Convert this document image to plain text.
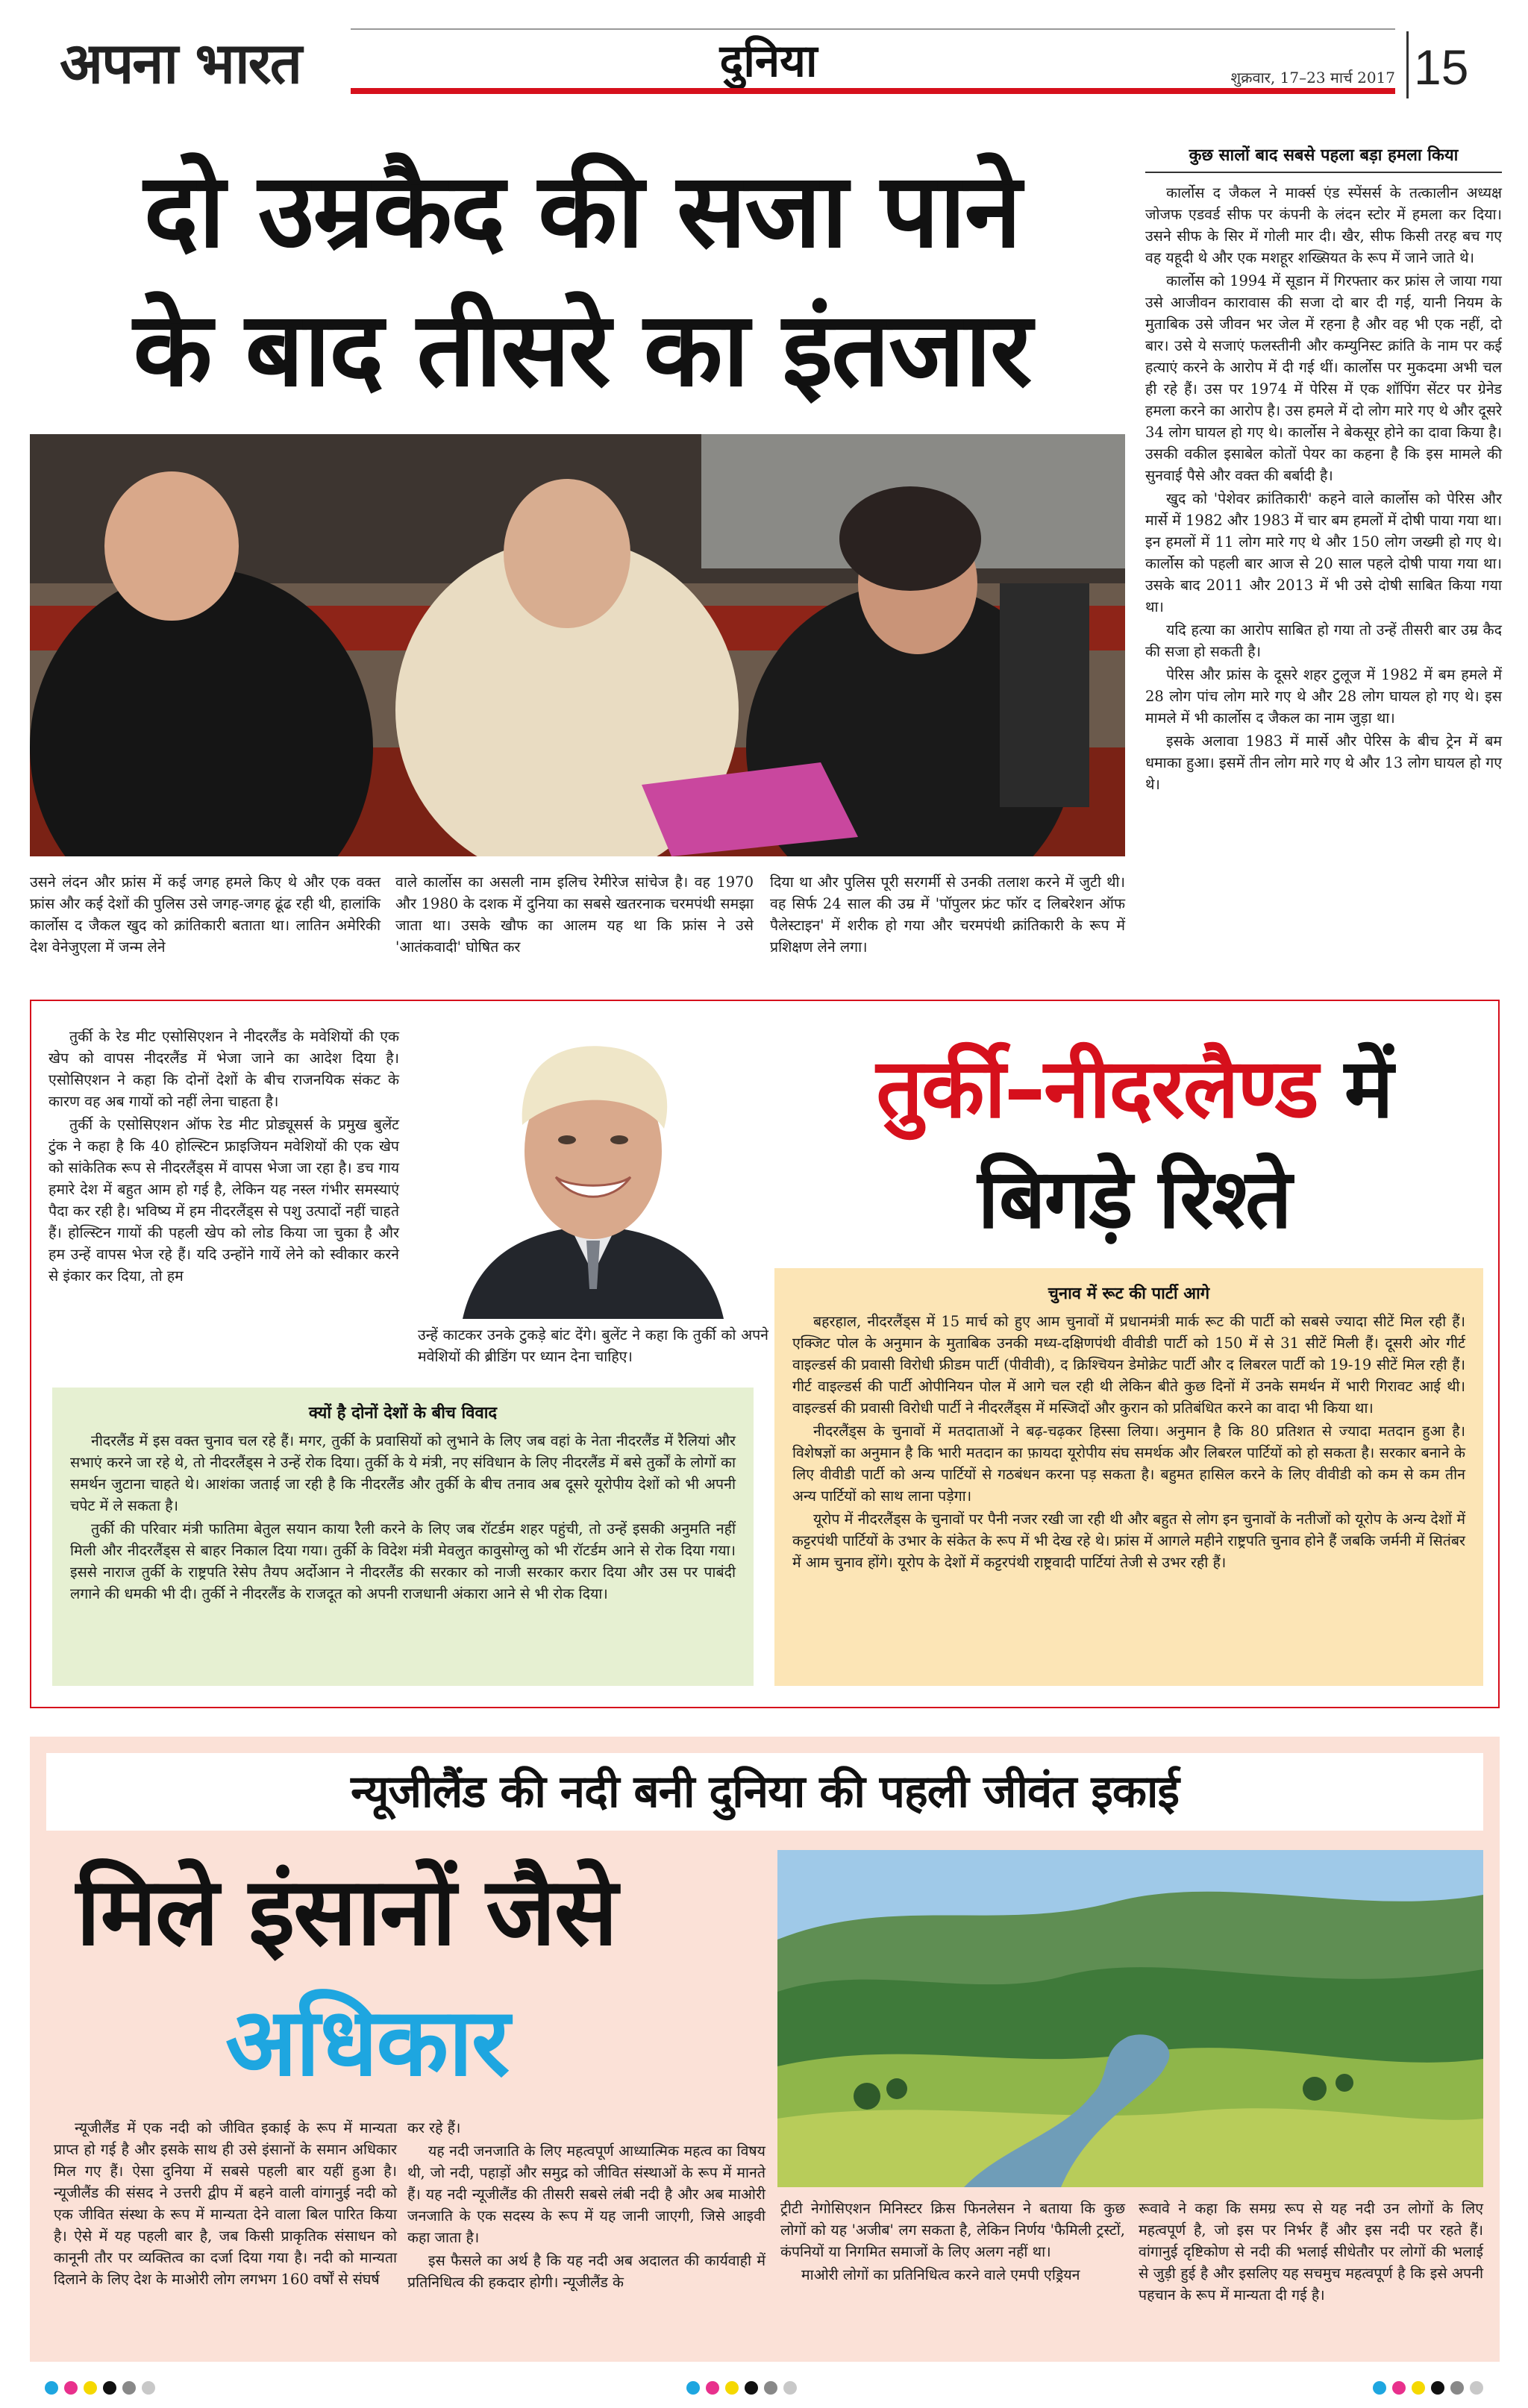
अपना भारत	दुनिया	शुक्रवार, 17–23 मार्च 2017 15
दो उम्रकैद की सजा पाने
के बाद तीसरे का इंतजार
कुछ सालों बाद सबसे पहला बड़ा हमला किया

कार्लोस द जैकल ने मार्क्स एंड स्पेंसर्स के तत्कालीन अध्यक्ष जोजफ एडवर्ड सीफ पर कंपनी के लंदन स्टोर में हमला कर दिया। उसने सीफ के सिर में गोली मार दी। खैर, सीफ किसी तरह बच गए वह यहूदी थे और एक मशहूर शख्सियत के रूप में जाने जाते थे।

कार्लोस को 1994 में सूडान में गिरफ्तार कर फ्रांस ले जाया गया उसे आजीवन कारावास की सजा दो बार दी गई, यानी नियम के मुताबिक उसे जीवन भर जेल में रहना है और वह भी एक नहीं, दो बार। उसे ये सजाएं फलस्तीनी और कम्युनिस्ट क्रांति के नाम पर कई हत्याएं करने के आरोप में दी गई थीं। कार्लोस पर मुकदमा अभी चल ही रहे हैं। उस पर 1974 में पेरिस में एक शॉपिंग सेंटर पर ग्रेनेड हमला करने का आरोप है। उस हमले में दो लोग मारे गए थे और दूसरे 34 लोग घायल हो गए थे। कार्लोस ने बेकसूर होने का दावा किया है। उसकी वकील इसाबेल कोतों पेयर का कहना है कि इस मामले की सुनवाई पैसे और वक्त की बर्बादी है।

खुद को 'पेशेवर क्रांतिकारी' कहने वाले कार्लोस को पेरिस और मार्से में 1982 और 1983 में चार बम हमलों में दोषी पाया गया था। इन हमलों में 11 लोग मारे गए थे और 150 लोग जख्मी हो गए थे। कार्लोस को पहली बार आज से 20 साल पहले दोषी पाया गया था। उसके बाद 2011 और 2013 में भी उसे दोषी साबित किया गया था।

यदि हत्या का आरोप साबित हो गया तो उन्हें तीसरी बार उम्र कैद की सजा हो सकती है।

पेरिस और फ्रांस के दूसरे शहर टुलूज में 1982 में बम हमले में 28 लोग पांच लोग मारे गए थे और 28 लोग घायल हो गए थे। इस मामले में भी कार्लोस द जैकल का नाम जुड़ा था।

इसके अलावा 1983 में मार्से और पेरिस के बीच ट्रेन में बम धमाका हुआ। इसमें तीन लोग मारे गए थे और 13 लोग घायल हो गए थे।

उसने लंदन और फ्रांस में कई जगह हमले किए थे और एक वक्त फ्रांस और कई देशों की पुलिस उसे जगह-जगह ढूंढ रही थी, हालांकि कार्लोस द जैकल खुद को क्रांतिकारी बताता था। लातिन अमेरिकी देश वेनेजुएला में जन्म लेने

वाले कार्लोस का असली नाम इलिच रेमीरेज सांचेज है। वह 1970 और 1980 के दशक में दुनिया का सबसे खतरनाक चरमपंथी समझा जाता था। उसके खौफ का आलम यह था कि फ्रांस ने उसे 'आतंकवादी' घोषित कर

दिया था और पुलिस पूरी सरगर्मी से उनकी तलाश करने में जुटी थी। वह सिर्फ 24 साल की उम्र में 'पॉपुलर फ्रंट फॉर द लिबरेशन ऑफ पैलेस्टाइन' में शरीक हो गया और चरमपंथी क्रांतिकारी के रूप में प्रशिक्षण लेने लगा।

तुर्की के रेड मीट एसोसिएशन ने नीदरलैंड के मवेशियों की एक खेप को वापस नीदरलैंड में भेजा जाने का आदेश दिया है। एसोसिएशन ने कहा कि दोनों देशों के बीच राजनयिक संकट के कारण वह अब गायों को नहीं लेना चाहता है।

तुर्की के एसोसिएशन ऑफ रेड मीट प्रोड्यूसर्स के प्रमुख बुलेंट टुंक ने कहा है कि 40 होल्स्टिन फ्राइजियन मवेशियों की एक खेप को सांकेतिक रूप से नीदरलैंड्स में वापस भेजा जा रहा है। डच गाय हमारे देश में बहुत आम हो गई है, लेकिन यह नस्ल गंभीर समस्याएं पैदा कर रही है। भविष्य में हम नीदरलैंड्स से पशु उत्पादों नहीं चाहते हैं। होल्स्टिन गायों की पहली खेप को लोड किया जा चुका है और हम उन्हें वापस भेज रहे हैं। यदि उन्होंने गायें लेने को स्वीकार करने से इंकार कर दिया, तो हम

उन्हें काटकर उनके टुकड़े बांट देंगे। बुलेंट ने कहा कि तुर्की को अपने मवेशियों की ब्रीडिंग पर ध्यान देना चाहिए।

तुर्की–नीदरलैण्ड में
बिगड़े रिश्ते
क्यों है दोनों देशों के बीच विवाद

नीदरलैंड में इस वक्त चुनाव चल रहे हैं। मगर, तुर्की के प्रवासियों को लुभाने के लिए जब वहां के नेता नीदरलैंड में रैलियां और सभाएं करने जा रहे थे, तो नीदरलैंड्स ने उन्हें रोक दिया। तुर्की के ये मंत्री, नए संविधान के लिए नीदरलैंड में बसे तुर्कों के लोगों का समर्थन जुटाना चाहते थे। आशंका जताई जा रही है कि नीदरलैंड और तुर्की के बीच तनाव अब दूसरे यूरोपीय देशों को भी अपनी चपेट में ले सकता है।

तुर्की की परिवार मंत्री फातिमा बेतुल सयान काया रैली करने के लिए जब रॉटर्डम शहर पहुंची, तो उन्हें इसकी अनुमति नहीं मिली और नीदरलैंड्स से बाहर निकाल दिया गया। तुर्की के विदेश मंत्री मेवलुत कावुसोग्लु को भी रॉटर्डम आने से रोक दिया गया। इससे नाराज तुर्की के राष्ट्रपति रेसेप तैयप अर्दोआन ने नीदरलैंड की सरकार को नाजी सरकार करार दिया और उस पर पाबंदी लगाने की धमकी भी दी। तुर्की ने नीदरलैंड के राजदूत को अपनी राजधानी अंकारा आने से भी रोक दिया।

चुनाव में रूट की पार्टी आगे

बहरहाल, नीदरलैंड्स में 15 मार्च को हुए आम चुनावों में प्रधानमंत्री मार्क रूट की पार्टी को सबसे ज्यादा सीटें मिल रही हैं। एक्जिट पोल के अनुमान के मुताबिक उनकी मध्य-दक्षिणपंथी वीवीडी पार्टी को 150 में से 31 सीटें मिली हैं। दूसरी ओर गीर्ट वाइल्डर्स की प्रवासी विरोधी फ्रीडम पार्टी (पीवीवी), द क्रिश्चियन डेमोक्रेट पार्टी और द लिबरल पार्टी को 19-19 सीटें मिल रही हैं। गीर्ट वाइल्डर्स की पार्टी ओपीनियन पोल में आगे चल रही थी लेकिन बीते कुछ दिनों में उनके समर्थन में भारी गिरावट आई थी। वाइल्डर्स की प्रवासी विरोधी पार्टी ने नीदरलैंड्स में मस्जिदों और कुरान को प्रतिबंधित करने का वादा भी किया था।

नीदरलैंड्स के चुनावों में मतदाताओं ने बढ़-चढ़कर हिस्सा लिया। अनुमान है कि 80 प्रतिशत से ज्यादा मतदान हुआ है। विशेषज्ञों का अनुमान है कि भारी मतदान का फ़ायदा यूरोपीय संघ समर्थक और लिबरल पार्टियों को हो सकता है। सरकार बनाने के लिए वीवीडी पार्टी को अन्य पार्टियों से गठबंधन करना पड़ सकता है। बहुमत हासिल करने के लिए वीवीडी को कम से कम तीन अन्य पार्टियों को साथ लाना पड़ेगा।

यूरोप में नीदरलैंड्स के चुनावों पर पैनी नजर रखी जा रही थी और बहुत से लोग इन चुनावों के नतीजों को यूरोप के अन्य देशों में कट्टरपंथी पार्टियों के उभार के संकेत के रूप में भी देख रहे थे। फ्रांस में आगले महीने राष्ट्रपति चुनाव होने हैं जबकि जर्मनी में सितंबर में आम चुनाव होंगे। यूरोप के देशों में कट्टरपंथी राष्ट्रवादी पार्टियां तेजी से उभर रही हैं।

न्यूजीलैंड की नदी बनी दुनिया की पहली जीवंत इकाई
मिले इंसानों जैसे
अधिकार

न्यूजीलैंड में एक नदी को जीवित इकाई के रूप में मान्यता प्राप्त हो गई है और इसके साथ ही उसे इंसानों के समान अधिकार मिल गए हैं। ऐसा दुनिया में सबसे पहली बार यहीं हुआ है। न्यूजीलैंड की संसद ने उत्तरी द्वीप में बहने वाली वांगानुई नदी को एक जीवित संस्था के रूप में मान्यता देने वाला बिल पारित किया है। ऐसे में यह पहली बार है, जब किसी प्राकृतिक संसाधन को कानूनी तौर पर व्यक्तित्व का दर्जा दिया गया है। नदी को मान्यता दिलाने के लिए देश के माओरी लोग लगभग 160 वर्षों से संघर्ष

कर रहे हैं।

यह नदी जनजाति के लिए महत्वपूर्ण आध्यात्मिक महत्व का विषय थी, जो नदी, पहाड़ों और समुद्र को जीवित संस्थाओं के रूप में मानते हैं। यह नदी न्यूजीलैंड की तीसरी सबसे लंबी नदी है और अब माओरी जनजाति के एक सदस्य के रूप में यह जानी जाएगी, जिसे आइवी कहा जाता है।

इस फैसले का अर्थ है कि यह नदी अब अदालत की कार्यवाही में प्रतिनिधित्व की हकदार होगी। न्यूजीलैंड के

ट्रीटी नेगोसिएशन मिनिस्टर क्रिस फिनलेसन ने बताया कि कुछ लोगों को यह 'अजीब' लग सकता है, लेकिन निर्णय 'फैमिली ट्रस्टों, कंपनियों या निगमित समाजों के लिए अलग नहीं था।

माओरी लोगों का प्रतिनिधित्व करने वाले एमपी एड्रियन

रूवावे ने कहा कि समग्र रूप से यह नदी उन लोगों के लिए महत्वपूर्ण है, जो इस पर निर्भर हैं और इस नदी पर रहते हैं। वांगानुई दृष्टिकोण से नदी की भलाई सीधेतौर पर लोगों की भलाई से जुड़ी हुई है और इसलिए यह सचमुच महत्वपूर्ण है कि इसे अपनी पहचान के रूप में मान्यता दी गई है।
